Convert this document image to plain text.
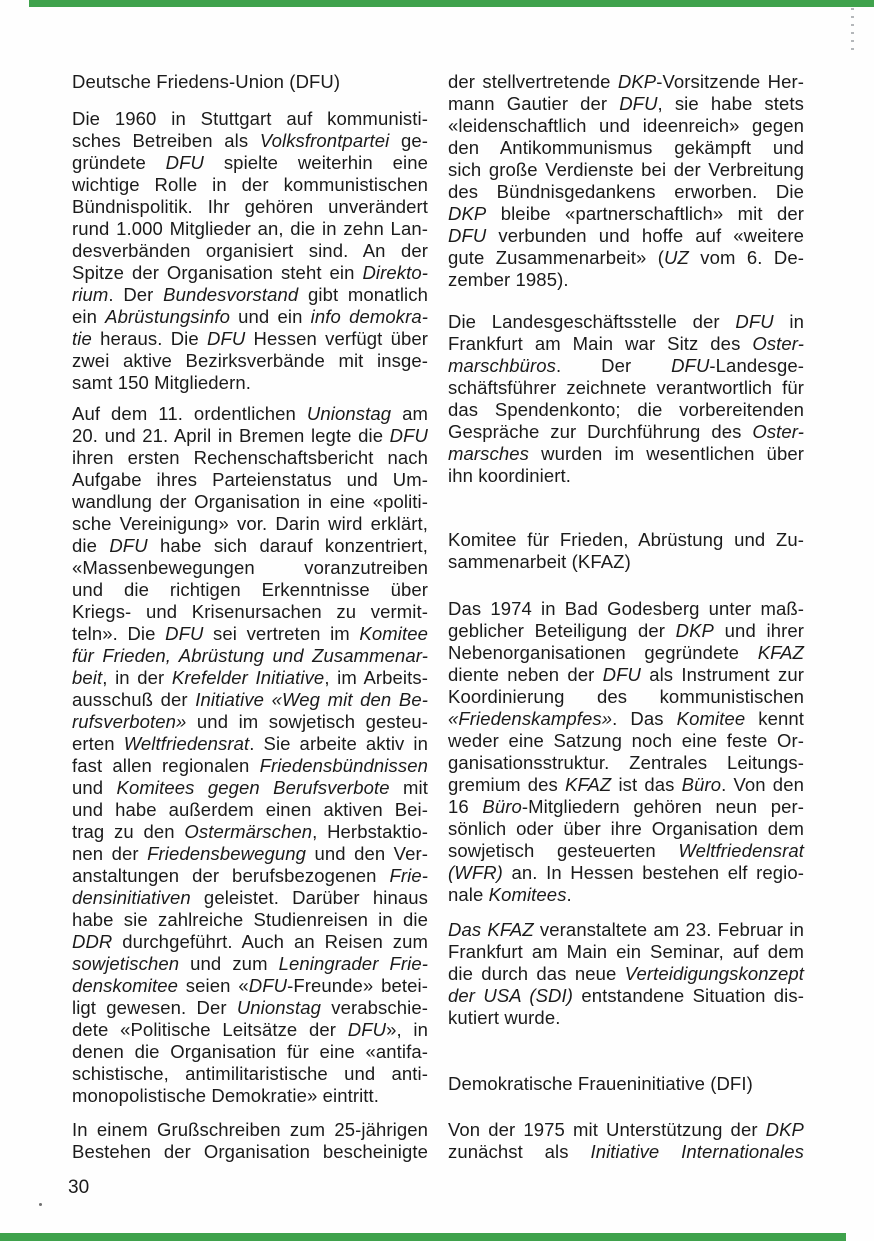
Deutsche Friedens-Union (DFU)
Die 1960 in Stuttgart auf kommunisti-
sches Betreiben als Volksfrontpartei ge-
gründete DFU spielte weiterhin eine
wichtige Rolle in der kommunistischen
Bündnispolitik. Ihr gehören unverändert
rund 1.000 Mitglieder an, die in zehn Lan-
desverbänden organisiert sind. An der
Spitze der Organisation steht ein Direkto-
rium. Der Bundesvorstand gibt monatlich
ein Abrüstungsinfo und ein info demokra-
tie heraus. Die DFU Hessen verfügt über
zwei aktive Bezirksverbände mit insge-
samt 150 Mitgliedern.
Auf dem 11. ordentlichen Unionstag am
20. und 21. April in Bremen legte die DFU
ihren ersten Rechenschaftsbericht nach
Aufgabe ihres Parteienstatus und Um-
wandlung der Organisation in eine «politi-
sche Vereinigung» vor. Darin wird erklärt,
die DFU habe sich darauf konzentriert,
«Massenbewegungen voranzutreiben
und die richtigen Erkenntnisse über
Kriegs- und Krisenursachen zu vermit-
teln». Die DFU sei vertreten im Komitee
für Frieden, Abrüstung und Zusammenar-
beit, in der Krefelder Initiative, im Arbeits-
ausschuß der Initiative «Weg mit den Be-
rufsverboten» und im sowjetisch gesteu-
erten Weltfriedensrat. Sie arbeite aktiv in
fast allen regionalen Friedensbündnissen
und Komitees gegen Berufsverbote mit
und habe außerdem einen aktiven Bei-
trag zu den Ostermärschen, Herbstaktio-
nen der Friedensbewegung und den Ver-
anstaltungen der berufsbezogenen Frie-
densinitiativen geleistet. Darüber hinaus
habe sie zahlreiche Studienreisen in die
DDR durchgeführt. Auch an Reisen zum
sowjetischen und zum Leningrader Frie-
denskomitee seien «DFU-Freunde» betei-
ligt gewesen. Der Unionstag verabschie-
dete «Politische Leitsätze der DFU», in
denen die Organisation für eine «antifa-
schistische, antimilitaristische und anti-
monopolistische Demokratie» eintritt.
In einem Grußschreiben zum 25-jährigen
Bestehen der Organisation bescheinigte
der stellvertretende DKP-Vorsitzende Her-
mann Gautier der DFU, sie habe stets
«leidenschaftlich und ideenreich» gegen
den Antikommunismus gekämpft und
sich große Verdienste bei der Verbreitung
des Bündnisgedankens erworben. Die
DKP bleibe «partnerschaftlich» mit der
DFU verbunden und hoffe auf «weitere
gute Zusammenarbeit» (UZ vom 6. De-
zember 1985).
Die Landesgeschäftsstelle der DFU in
Frankfurt am Main war Sitz des Oster-
marschbüros. Der DFU-Landesge-
schäftsführer zeichnete verantwortlich für
das Spendenkonto; die vorbereitenden
Gespräche zur Durchführung des Oster-
marsches wurden im wesentlichen über
ihn koordiniert.
Komitee für Frieden, Abrüstung und Zu-
sammenarbeit (KFAZ)
Das 1974 in Bad Godesberg unter maß-
geblicher Beteiligung der DKP und ihrer
Nebenorganisationen gegründete KFAZ
diente neben der DFU als Instrument zur
Koordinierung des kommunistischen
«Friedenskampfes». Das Komitee kennt
weder eine Satzung noch eine feste Or-
ganisationsstruktur. Zentrales Leitungs-
gremium des KFAZ ist das Büro. Von den
16 Büro-Mitgliedern gehören neun per-
sönlich oder über ihre Organisation dem
sowjetisch gesteuerten Weltfriedensrat
(WFR) an. In Hessen bestehen elf regio-
nale Komitees.
Das KFAZ veranstaltete am 23. Februar in
Frankfurt am Main ein Seminar, auf dem
die durch das neue Verteidigungskonzept
der USA (SDI) entstandene Situation dis-
kutiert wurde.
Demokratische Fraueninitiative (DFI)
Von der 1975 mit Unterstützung der DKP
zunächst als Initiative Internationales
30
